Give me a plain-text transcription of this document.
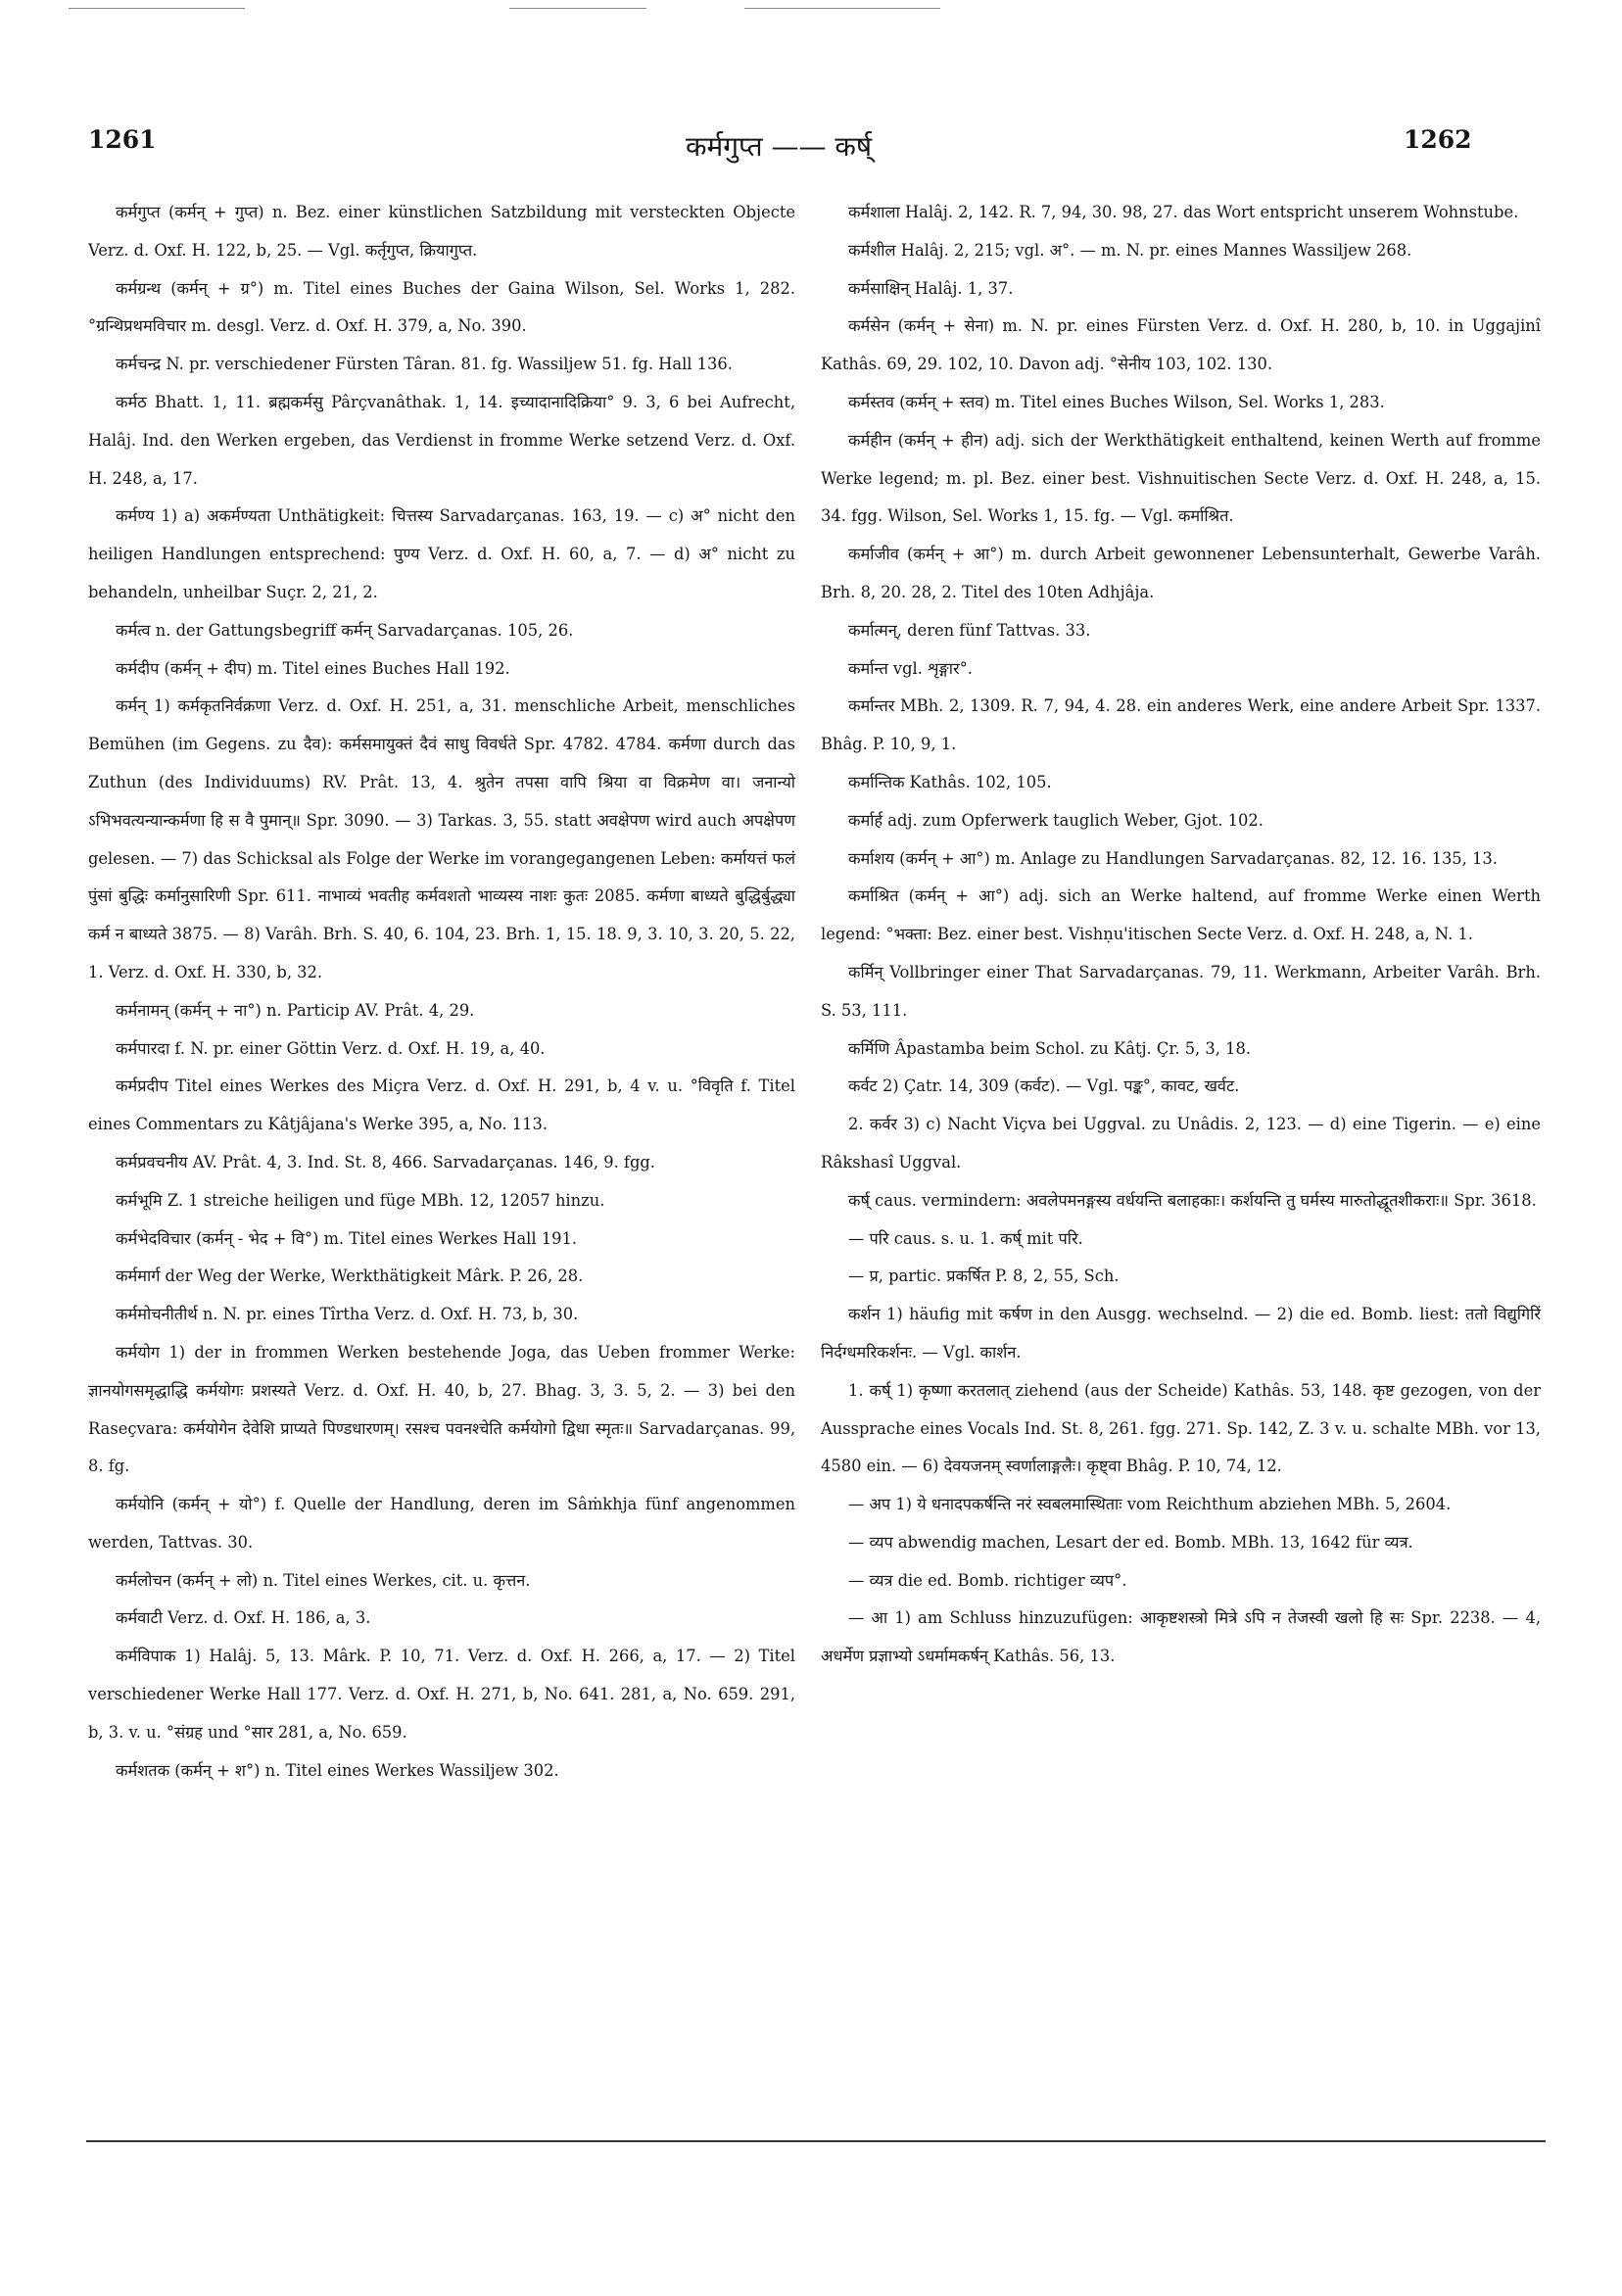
1261	कर्मगुप्त —— कर्ष्	1262

कर्मगुप्त (कर्मन् + गुप्त) n. Bez. einer künstlichen Satzbildung mit versteckten Objecte Verz. d. Oxf. H. 122, b, 25. — Vgl. कर्तृगुप्त, क्रियागुप्त.

कर्मग्रन्थ (कर्मन् + ग्र°) m. Titel eines Buches der Gaina Wilson, Sel. Works 1, 282. °ग्रन्थिप्रथमविचार m. desgl. Verz. d. Oxf. H. 379, a, No. 390.

कर्मचन्द्र N. pr. verschiedener Fürsten Târan. 81. fg. Wassiljew 51. fg. Hall 136.

कर्मठ Bhatt. 1, 11. ब्रह्मकर्मसु Pârçvanâthak. 1, 14. इच्यादानादिक्रिया° 9. 3, 6 bei Aufrecht, Halâj. Ind. den Werken ergeben, das Verdienst in fromme Werke setzend Verz. d. Oxf. H. 248, a, 17.

कर्मण्य 1) a) अकर्मण्यता Unthätigkeit: चित्तस्य Sarvadarçanas. 163, 19. — c) अ° nicht den heiligen Handlungen entsprechend: पुण्य Verz. d. Oxf. H. 60, a, 7. — d) अ° nicht zu behandeln, unheilbar Suçr. 2, 21, 2.

कर्मत्व n. der Gattungsbegriff कर्मन् Sarvadarçanas. 105, 26.

कर्मदीप (कर्मन् + दीप) m. Titel eines Buches Hall 192.

कर्मन् 1) कर्मकृतनिर्वक्रणा Verz. d. Oxf. H. 251, a, 31. menschliche Arbeit, menschliches Bemühen (im Gegens. zu दैव): कर्मसमायुक्तं दैवं साधु विवर्धते Spr. 4782. 4784. कर्मणा durch das Zuthun (des Individuums) RV. Prât. 13, 4. श्रुतेन तपसा वापि श्रिया वा विक्रमेण वा। जनान्यो ऽभिभवत्यन्यान्कर्मणा हि स वै पुमान्॥ Spr. 3090. — 3) Tarkas. 3, 55. statt अवक्षेपण wird auch अपक्षेपण gelesen. — 7) das Schicksal als Folge der Werke im vorangegangenen Leben: कर्मायत्तं फलं पुंसां बुद्धिः कर्मानुसारिणी Spr. 611. नाभाव्यं भवतीह कर्मवशतो भाव्यस्य नाशः कुतः 2085. कर्मणा बाध्यते बुद्धिर्बुद्ध्या कर्म न बाध्यते 3875. — 8) Varâh. Brh. S. 40, 6. 104, 23. Brh. 1, 15. 18. 9, 3. 10, 3. 20, 5. 22, 1. Verz. d. Oxf. H. 330, b, 32.

कर्मनामन् (कर्मन् + ना°) n. Particip AV. Prât. 4, 29.

कर्मपारदा f. N. pr. einer Göttin Verz. d. Oxf. H. 19, a, 40.

कर्मप्रदीप Titel eines Werkes des Miçra Verz. d. Oxf. H. 291, b, 4 v. u. °विवृति f. Titel eines Commentars zu Kâtjâjana's Werke 395, a, No. 113.

कर्मप्रवचनीय AV. Prât. 4, 3. Ind. St. 8, 466. Sarvadarçanas. 146, 9. fgg.

कर्मभूमि Z. 1 streiche heiligen und füge MBh. 12, 12057 hinzu.

कर्मभेदविचार (कर्मन् - भेद + वि°) m. Titel eines Werkes Hall 191.

कर्ममार्ग der Weg der Werke, Werkthätigkeit Mârk. P. 26, 28.

कर्ममोचनीतीर्थ n. N. pr. eines Tîrtha Verz. d. Oxf. H. 73, b, 30.

कर्मयोग 1) der in frommen Werken bestehende Joga, das Ueben frommer Werke: ज्ञानयोगसमृद्धाद्धि कर्मयोगः प्रशस्यते Verz. d. Oxf. H. 40, b, 27. Bhag. 3, 3. 5, 2. — 3) bei den Raseçvara: कर्मयोगेन देवेशि प्राप्यते पिण्डधारणम्। रसश्च पवनश्चेति कर्मयोगो द्विधा स्मृतः॥ Sarvadarçanas. 99, 8. fg.

कर्मयोनि (कर्मन् + यो°) f. Quelle der Handlung, deren im Sâṁkhja fünf angenommen werden, Tattvas. 30.

कर्मलोचन (कर्मन् + लो) n. Titel eines Werkes, cit. u. कृत्तन.

कर्मवाटी Verz. d. Oxf. H. 186, a, 3.

कर्मविपाक 1) Halâj. 5, 13. Mârk. P. 10, 71. Verz. d. Oxf. H. 266, a, 17. — 2) Titel verschiedener Werke Hall 177. Verz. d. Oxf. H. 271, b, No. 641. 281, a, No. 659. 291, b, 3. v. u. °संग्रह und °सार 281, a, No. 659.

कर्मशतक (कर्मन् + श°) n. Titel eines Werkes Wassiljew 302.

कर्मशाला Halâj. 2, 142. R. 7, 94, 30. 98, 27. das Wort entspricht unserem Wohnstube.

कर्मशील Halâj. 2, 215; vgl. अ°. — m. N. pr. eines Mannes Wassiljew 268.

कर्मसाक्षिन् Halâj. 1, 37.

कर्मसेन (कर्मन् + सेना) m. N. pr. eines Fürsten Verz. d. Oxf. H. 280, b, 10. in Uggajinî Kathâs. 69, 29. 102, 10. Davon adj. °सेनीय 103, 102. 130.

कर्मस्तव (कर्मन् + स्तव) m. Titel eines Buches Wilson, Sel. Works 1, 283.

कर्महीन (कर्मन् + हीन) adj. sich der Werkthätigkeit enthaltend, keinen Werth auf fromme Werke legend; m. pl. Bez. einer best. Vishnuitischen Secte Verz. d. Oxf. H. 248, a, 15. 34. fgg. Wilson, Sel. Works 1, 15. fg. — Vgl. कर्माश्रित.

कर्माजीव (कर्मन् + आ°) m. durch Arbeit gewonnener Lebensunterhalt, Gewerbe Varâh. Brh. 8, 20. 28, 2. Titel des 10ten Adhjâja.

कर्मात्मन्, deren fünf Tattvas. 33.

कर्मान्त vgl. शृङ्गार°.

कर्मान्तर MBh. 2, 1309. R. 7, 94, 4. 28. ein anderes Werk, eine andere Arbeit Spr. 1337. Bhâg. P. 10, 9, 1.

कर्मान्तिक Kathâs. 102, 105.

कर्मार्ह adj. zum Opferwerk tauglich Weber, Gjot. 102.

कर्माशय (कर्मन् + आ°) m. Anlage zu Handlungen Sarvadarçanas. 82, 12. 16. 135, 13.

कर्माश्रित (कर्मन् + आ°) adj. sich an Werke haltend, auf fromme Werke einen Werth legend: °भक्ता: Bez. einer best. Vishṇu'itischen Secte Verz. d. Oxf. H. 248, a, N. 1.

कर्मिन् Vollbringer einer That Sarvadarçanas. 79, 11. Werkmann, Arbeiter Varâh. Brh. S. 53, 111.

कर्मिणि Âpastamba beim Schol. zu Kâtj. Çr. 5, 3, 18.

कर्वट 2) Çatr. 14, 309 (कर्वट). — Vgl. पङ्क°, कावट, खर्वट.

2. कर्वर 3) c) Nacht Viçva bei Uggval. zu Unâdis. 2, 123. — d) eine Tigerin. — e) eine Râkshasî Uggval.

कर्ष् caus. vermindern: अवलेपमनङ्गस्य वर्धयन्ति बलाहकाः। कर्शयन्ति तु घर्मस्य मारुतोद्धूतशीकराः॥ Spr. 3618.

— परि caus. s. u. 1. कर्ष् mit परि.

— प्र, partic. प्रकर्षित P. 8, 2, 55, Sch.

कर्शन 1) häufig mit कर्षण in den Ausgg. wechselnd. — 2) die ed. Bomb. liest: ततो विद्युगिरिं निर्दग्धमरिकर्शनः. — Vgl. कार्शन.

1. कर्ष् 1) कृष्णा करतलात् ziehend (aus der Scheide) Kathâs. 53, 148. कृष्ट gezogen, von der Aussprache eines Vocals Ind. St. 8, 261. fgg. 271. Sp. 142, Z. 3 v. u. schalte MBh. vor 13, 4580 ein. — 6) देवयजनम् स्वर्णालाङ्गलैः। कृष्ट्वा Bhâg. P. 10, 74, 12.

— अप 1) ये धनादपकर्षन्ति नरं स्वबलमास्थिताः vom Reichthum abziehen MBh. 5, 2604.

— व्यप abwendig machen, Lesart der ed. Bomb. MBh. 13, 1642 für व्यत्र.

— व्यत्र die ed. Bomb. richtiger व्यप°.

— आ 1) am Schluss hinzuzufügen: आकृष्टशस्त्रो मित्रे ऽपि न तेजस्वी खलो हि सः Spr. 2238. — 4, अधर्मेण प्रज्ञाभ्यो ऽधर्मामकर्षन् Kathâs. 56, 13.
